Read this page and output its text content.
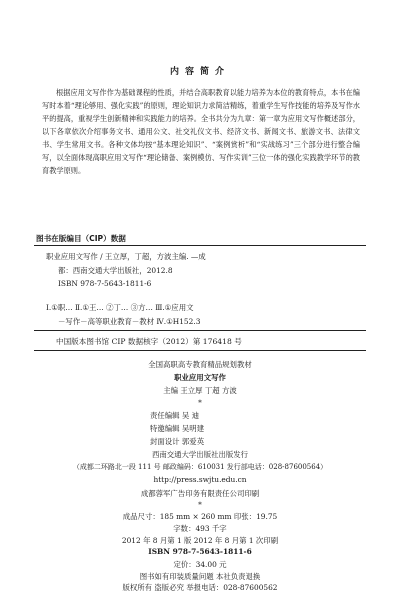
内容简介

根据应用文写作作为基础课程的性质，并结合高职教育以能力培养为本位的教育特点，本书在编写时本着“理论够用、强化实践”的原则，理论知识力求简洁精练，着重学生写作技能的培养及写作水平的提高，重视学生创新精神和实践能力的培养。全书共分为九章：第一章为应用文写作概述部分，以下各章依次介绍事务文书、通用公文、社交礼仪文书、经济文书、新闻文书、旅游文书、法律文书、学生常用文书。各种文体均按“基本理论知识”、“案例赏析”和“实战练习”三个部分进行整合编写，以全面体现高职应用文写作“理论储备、案例模仿、写作实训”三位一体的强化实践教学环节的教育教学原则。

图书在版编目（CIP）数据
职业应用文写作 / 王立厚，丁超，方波主编. —成
都：西南交通大学出版社，2012.8
ISBN 978-7-5643-1811-6
Ⅰ.①职… Ⅱ.①王… ②丁… ③方… Ⅲ.①应用文
－写作－高等职业教育－教材 Ⅳ.①H152.3
中国版本图书馆 CIP 数据核字（2012）第 176418 号
全国高职高专教育精品规划教材
职业应用文写作
主编 王立厚 丁超 方波
*
责任编辑 吴 迪
特邀编辑 吴明建
封面设计 郭爱英
西南交通大学出版社出版发行
（成都二环路北一段 111 号 邮政编码：610031 发行部电话：028-87600564）
http://press.swjtu.edu.cn
成都蓉军广告印务有限责任公司印刷
*
成品尺寸：185 mm × 260 mm 印张：19.75
字数：493 千字
2012 年 8 月第 1 版 2012 年 8 月第 1 次印刷
ISBN 978-7-5643-1811-6
定价：34.00 元
图书如有印装质量问题 本社负责退换
版权所有 盗版必究 举报电话：028-87600562
